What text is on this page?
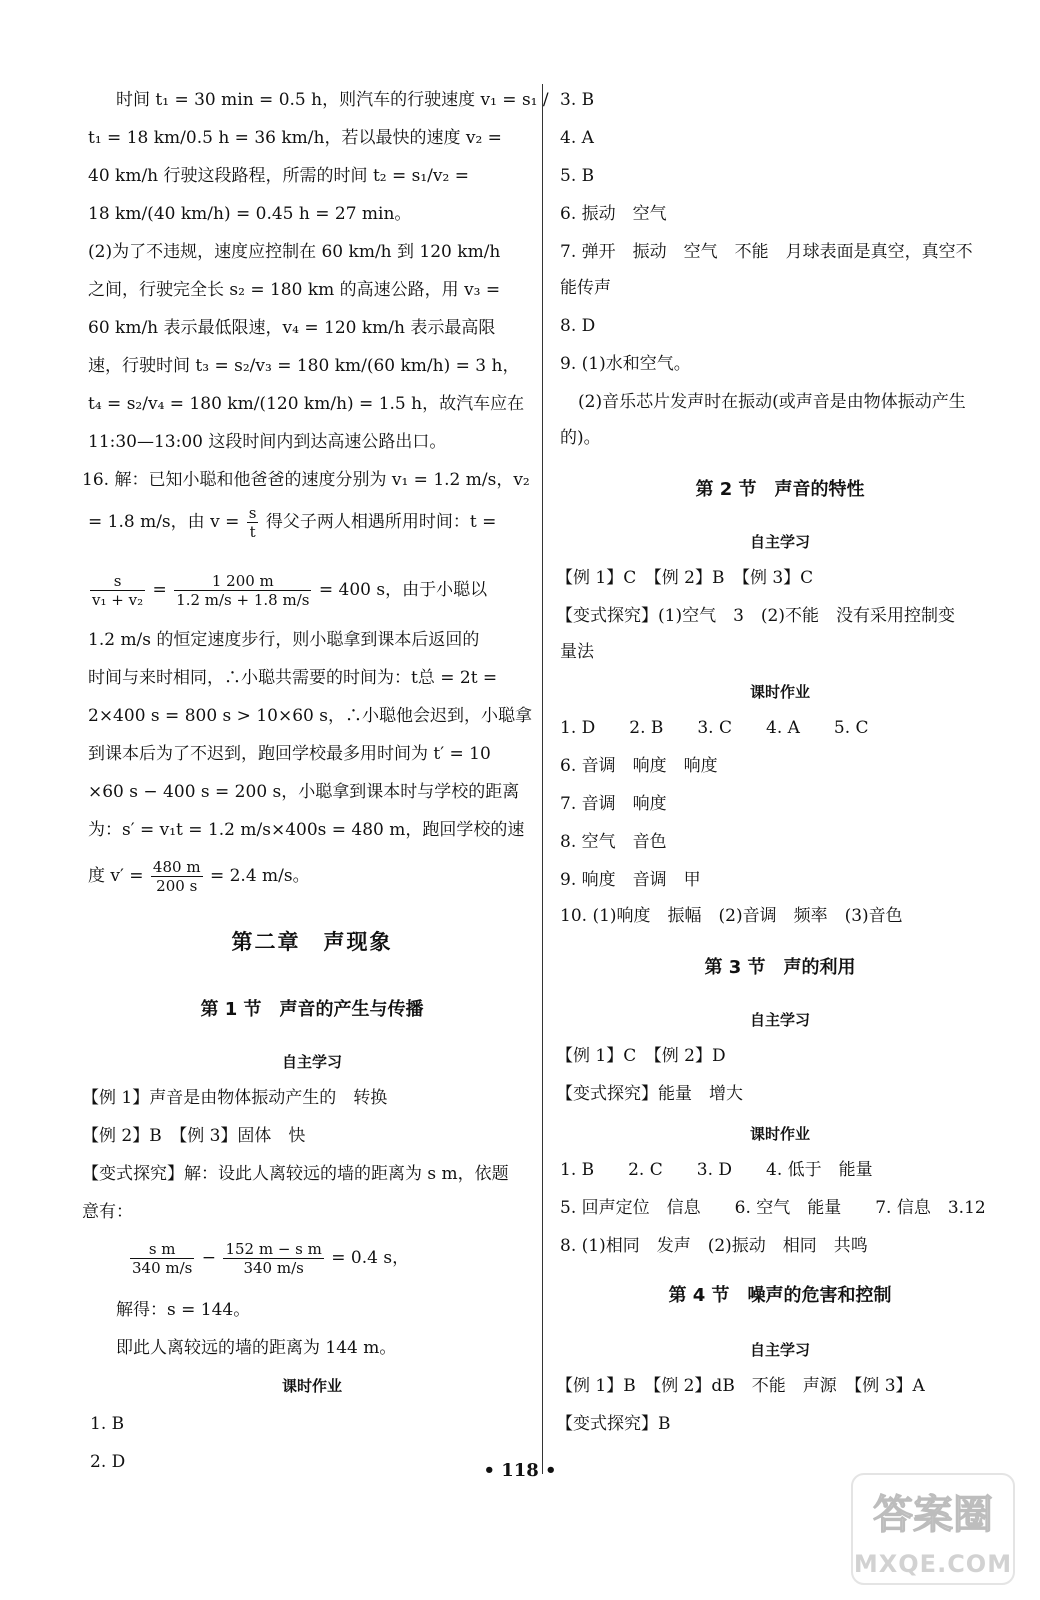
时间 t₁ = 30 min = 0.5 h，则汽车的行驶速度 v₁ = s₁ /
t₁ = 18 km/0.5 h = 36 km/h，若以最快的速度 v₂ =
40 km/h 行驶这段路程，所需的时间 t₂ = s₁/v₂ =
18 km/(40 km/h) = 0.45 h = 27 min。
(2)为了不违规，速度应控制在 60 km/h 到 120 km/h
之间，行驶完全长 s₂ = 180 km 的高速公路，用 v₃ =
60 km/h 表示最低限速，v₄ = 120 km/h 表示最高限
速，行驶时间 t₃ = s₂/v₃ = 180 km/(60 km/h) = 3 h，
t₄ = s₂/v₄ = 180 km/(120 km/h) = 1.5 h，故汽车应在
11:30—13:00 这段时间内到达高速公路出口。
16. 解：已知小聪和他爸爸的速度分别为 v₁ = 1.2 m/s，v₂
= 1.8 m/s，由 $v = \frac{s}{t}$ 得父子两人相遇所用时间：t =
$\frac{s}{\text{v₁ + v₂}} = \frac{1 200 m}{1.2 m/s + 1.8 m/s} = 400$ s，由于小聪以
1.2 m/s 的恒定速度步行，则小聪拿到课本后返回的
时间与来时相同，∴小聪共需要的时间为：t总 = 2t =
2×400 s = 800 s > 10×60 s，∴小聪他会迟到，小聪拿
到课本后为了不迟到，跑回学校最多用时间为 t′ = 10
×60 s − 400 s = 200 s，小聪拿到课本时与学校的距离
为：s′ = v₁t = 1.2 m/s×400s = 480 m，跑回学校的速
度 $v' = \frac{480 m}{200 s} = 2.4$ m/s。
第二章　声现象
第 1 节　声音的产生与传播
自主学习
【例 1】声音是由物体振动产生的　转换
【例 2】B　【例 3】固体　快
【变式探究】解：设此人离较远的墙的距离为 s m，依题
意有：
$\frac{\text{s m}}{340 m/s} - \frac{\text{152 m − s m}}{340 m/s} = 0.4$ s，
解得：s = 144。
即此人离较远的墙的距离为 144 m。
课时作业
1. B
2. D
3. B
4. A
5. B
6. 振动　空气
7. 弹开　振动　空气　不能　月球表面是真空，真空不
能传声
8. D
9. (1)水和空气。
(2)音乐芯片发声时在振动(或声音是由物体振动产生
的)。
第 2 节　声音的特性
自主学习
【例 1】C　【例 2】B　【例 3】C
【变式探究】(1)空气　3　(2)不能　没有采用控制变
量法
课时作业
1. D　　2. B　　3. C　　4. A　　5. C
6. 音调　响度　响度
7. 音调　响度
8. 空气　音色
9. 响度　音调　甲
10. (1)响度　振幅　(2)音调　频率　(3)音色
第 3 节　声的利用
自主学习
【例 1】C　【例 2】D
【变式探究】能量　增大
课时作业
1. B　　2. C　　3. D　　4. 低于　能量
5. 回声定位　信息　　6. 空气　能量　　7. 信息　3.12
8. (1)相同　发声　(2)振动　相同　共鸣
第 4 节　噪声的危害和控制
自主学习
【例 1】B　【例 2】dB　不能　声源　【例 3】A
【变式探究】B
• 118 •
答案圈
MXQE.COM
